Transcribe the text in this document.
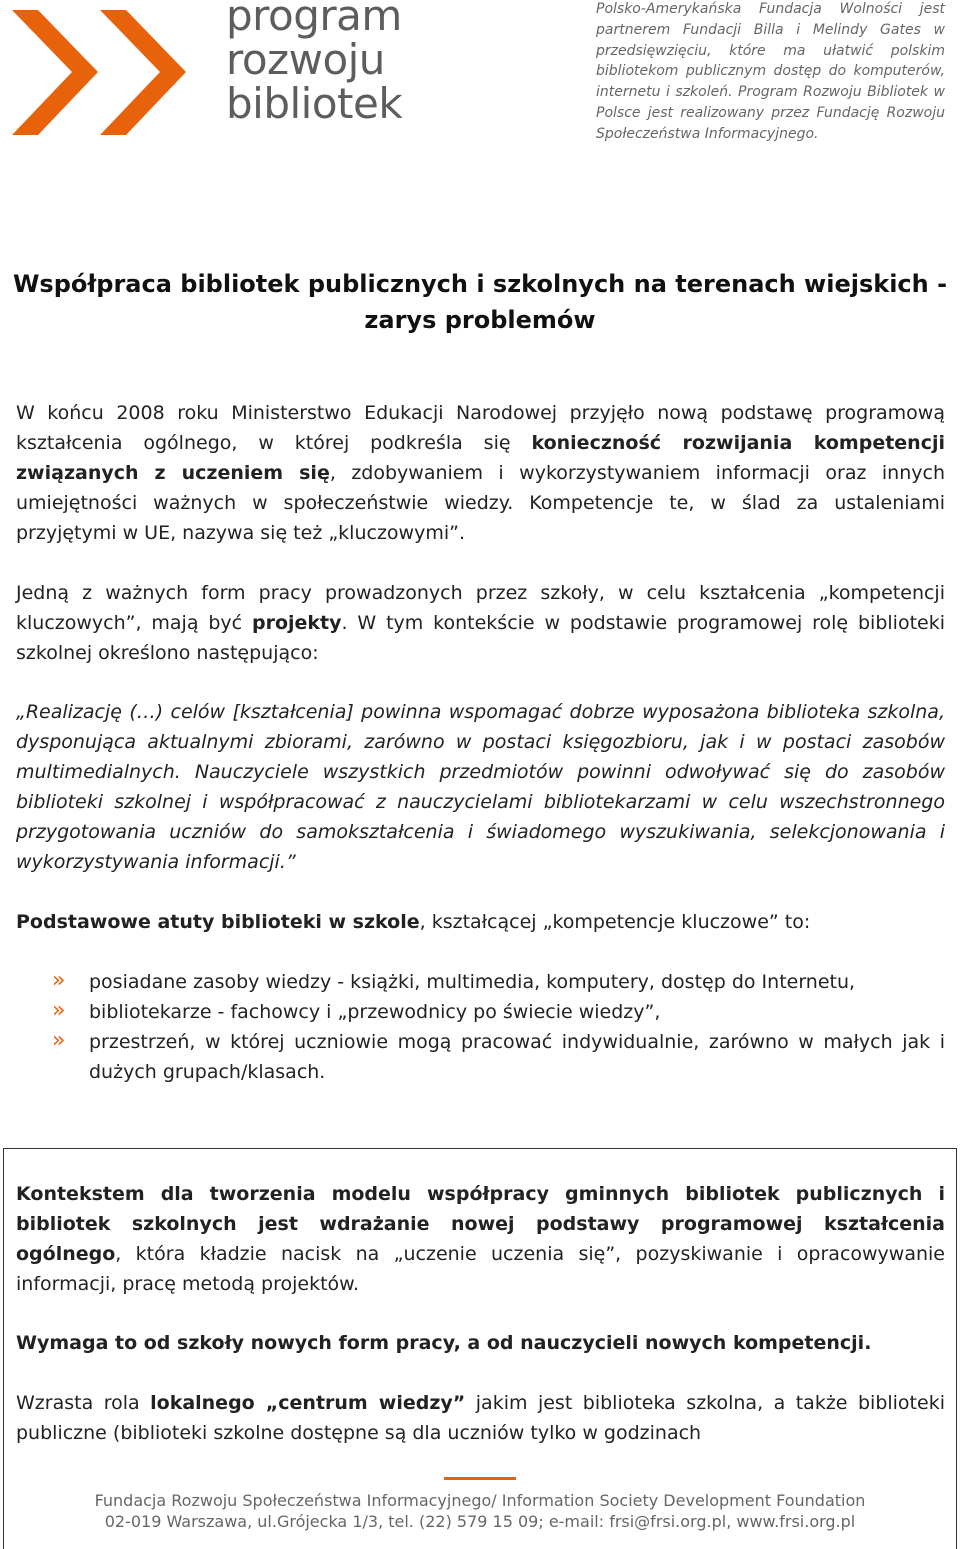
program
rozwoju
bibliotek
Polsko-Amerykańska Fundacja Wolności jest partnerem Fundacji Billa i Melindy Gates w przedsięwzięciu, które ma ułatwić polskim bibliotekom publicznym dostęp do komputerów, internetu i szkoleń. Program Rozwoju Bibliotek w Polsce jest realizowany przez Fundację Rozwoju Społeczeństwa Informacyjnego.
Współpraca bibliotek publicznych i szkolnych na terenach wiejskich - zarys problemów

W końcu 2008 roku Ministerstwo Edukacji Narodowej przyjęło nową podstawę programową kształcenia ogólnego, w której podkreśla się konieczność rozwijania kompetencji związanych z uczeniem się, zdobywaniem i wykorzystywaniem informacji oraz innych umiejętności ważnych w społeczeństwie wiedzy. Kompetencje te, w ślad za ustaleniami przyjętymi w UE, nazywa się też „kluczowymi”.

Jedną z ważnych form pracy prowadzonych przez szkoły, w celu kształcenia „kompetencji kluczowych”, mają być projekty. W tym kontekście w podstawie programowej rolę biblioteki szkolnej określono następująco:

„Realizację (…) celów [kształcenia] powinna wspomagać dobrze wyposażona biblioteka szkolna, dysponująca aktualnymi zbiorami, zarówno w postaci księgozbioru, jak i w postaci zasobów multimedialnych. Nauczyciele wszystkich przedmiotów powinni odwoływać się do zasobów biblioteki szkolnej i współpracować z nauczycielami bibliotekarzami w celu wszechstronnego przygotowania uczniów do samokształcenia i świadomego wyszukiwania, selekcjonowania i wykorzystywania informacji.”

Podstawowe atuty biblioteki w szkole, kształcącej „kompetencje kluczowe” to:

» posiadane zasoby wiedzy - książki, multimedia, komputery, dostęp do Internetu,
» bibliotekarze - fachowcy i „przewodnicy po świecie wiedzy”,
» przestrzeń, w której uczniowie mogą pracować indywidualnie, zarówno w małych jak i dużych grupach/klasach.

Kontekstem dla tworzenia modelu współpracy gminnych bibliotek publicznych i bibliotek szkolnych jest wdrażanie nowej podstawy programowej kształcenia ogólnego, która kładzie nacisk na „uczenie uczenia się”, pozyskiwanie i opracowywanie informacji, pracę metodą projektów.

Wymaga to od szkoły nowych form pracy, a od nauczycieli nowych kompetencji.

Wzrasta rola lokalnego „centrum wiedzy” jakim jest biblioteka szkolna, a także biblioteki publiczne (biblioteki szkolne dostępne są dla uczniów tylko w godzinach

Fundacja Rozwoju Społeczeństwa Informacyjnego/ Information Society Development Foundation
02-019 Warszawa, ul.Grójecka 1/3, tel. (22) 579 15 09; e-mail: frsi@frsi.org.pl, www.frsi.org.pl
